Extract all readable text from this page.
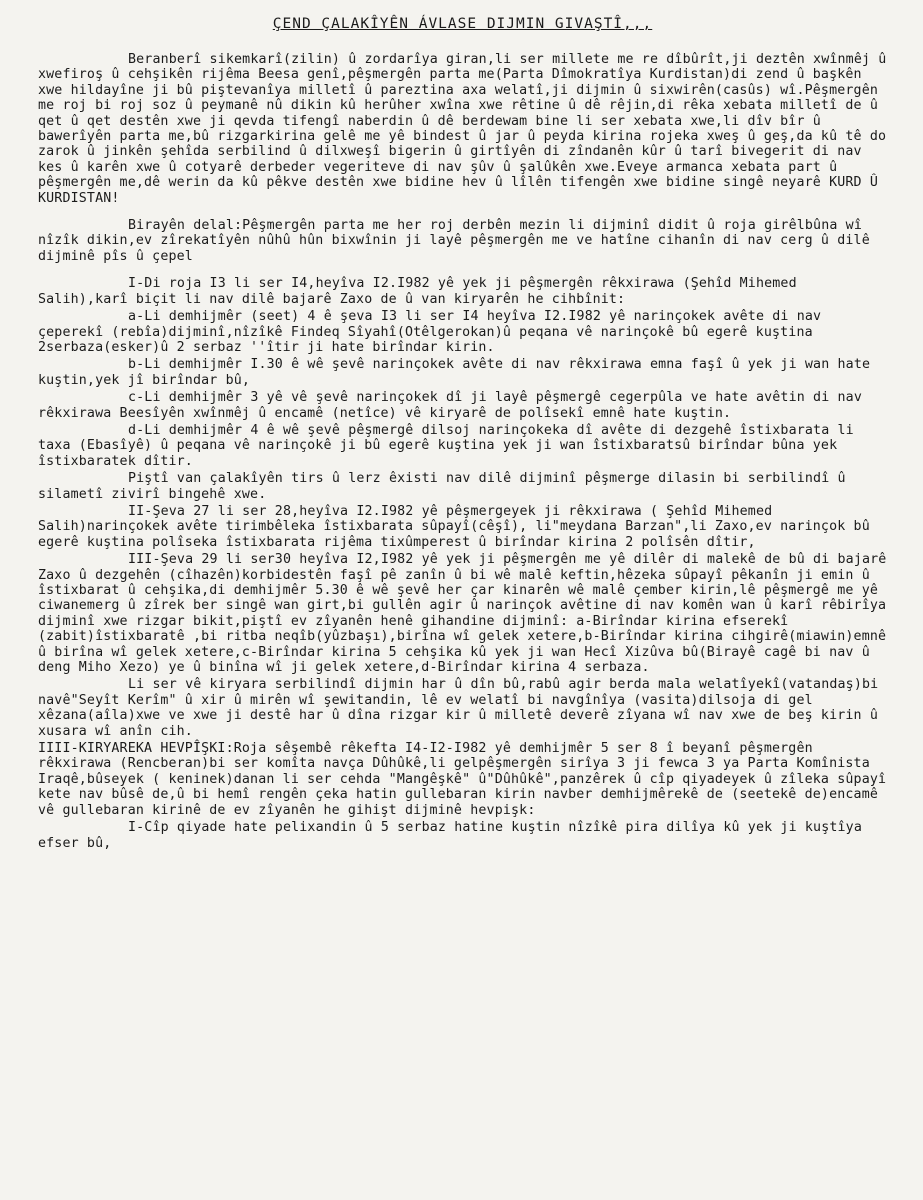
ÇEND ÇALAKÎYÊN ÁVLASE DIJMIN GIVAŞTÎ,,,

Beranberî sikemkarî(zilin) û zordarîya giran,li ser millete me re dîbûrît,ji deztên xwînmêj û xwefiroş û cehşikên rijêma Beesa genî,pêşmergên parta me(Parta Dîmokratîya Kurdistan)di zend û başkên xwe hildayîne ji bû piştevanîya milletî û pareztina axa welatî,ji dijmin û sixwirên(casûs) wî.Pêşmergên me roj bi roj soz û peymanê nû dikin kû herûher xwîna xwe rêtine û dê rêjin,di rêka xebata milletî de û qet û qet destên xwe ji qevda tifengî naberdin û dê berdewam bine li ser xebata xwe,li dîv bîr û bawerîyên parta me,bû rizgarkirina gelê me yê bindest û jar û peyda kirina rojeka xweş û geş,da kû tê do zarok û jinkên şehîda serbilind û dilxweşî bigerin û girtîyên di zîndanên kûr û tarî bivegerit di nav kes û karên xwe û cotyarê derbeder vegeriteve di nav şûv û şalûkên xwe.Eveye armanca xebata part û pêşmergên me,dê werin da kû pêkve destên xwe bidine hev û lîlên tifengên xwe bidine singê neyarê KURD Û KURDISTAN!

Birayên delal:Pêşmergên parta me her roj derbên mezin li dijminî didit û roja girêlbûna wî nîzîk dikin,ev zîrekatîyên nûhû hûn bixwînin ji layê pêşmergên me ve hatîne cihanîn di nav cerg û dilê dijminê pîs û çepel

I-Di roja I3 li ser I4,heyîva I2.I982 yê yek ji pêşmergên rêkxirawa (Şehîd Mihemed Salih),karî biçit li nav dilê bajarê Zaxo de û van kiryarên he cihbînit:

a-Li demhijmêr (seet) 4 ê şeva I3 li ser I4 heyîva I2.I982 yê narinçokek avête di nav çeperekî (rebîa)dijminî,nîzîkê Findeq Sîyahî(Otêlgerokan)û peqana vê narinçokê bû egerê kuştina 2serbaza(esker)û 2 serbaz ''îtir ji hate birîndar kirin.

b-Li demhijmêr I.30 ê wê şevê narinçokek avête di nav rêkxirawa emna faşî û yek ji wan hate kuştin,yek jî birîndar bû,

c-Li demhijmêr 3 yê vê şevê narinçokek dî ji layê pêşmergê cegerpûla ve hate avêtin di nav rêkxirawa Beesîyên xwînmêj û encamê (netîce) vê kiryarê de polîsekî emnê hate kuştin.

d-Li demhijmêr 4 ê wê şevê pêşmergê dilsoj narinçokeka dî avête di dezgehê îstixbarata li taxa (Ebasîyê) û peqana vê narinçokê ji bû egerê kuştina yek ji wan îstixbaratsû birîndar bûna yek îstixbaratek dîtir.

Piştî van çalakîyên tirs û lerz êxisti nav dilê dijminî pêşmerge dilasin bi serbilindî û silametî zivirî bingehê xwe.

II-Şeva 27 li ser 28,heyîva I2.I982 yê pêşmergeyek ji rêkxirawa ( Şehîd Mihemed Salih)narinçokek avête tirimbêleka îstixbarata sûpayî(cêşî), li"meydana Barzan",li Zaxo,ev narinçok bû egerê kuştina polîseka îstixbarata rijêma tixûmperest û birîndar kirina 2 polîsên dîtir,

III-Şeva 29 li ser30 heyîva I2,I982 yê yek ji pêşmergên me yê dilêr di malekê de bû di bajarê Zaxo û dezgehên (cîhazên)korbidestên faşî pê zanîn û bi wê malê keftin,hêzeka sûpayî pêkanîn ji emin û îstixbarat û cehşika,di demhijmêr 5.30 ê wê şevê her çar kinarên wê malê çember kirin,lê pêşmergê me yê ciwanemerg û zîrek ber singê wan girt,bi gullên agir û narinçok avêtine di nav komên wan û karî rêbirîya dijminî xwe rizgar bikit,piştî ev zîyanên henê gihandine dijminî: a-Birîndar kirina efserekî (zabit)îstixbaratê ,bi ritba neqîb(yûzbaşı),birîna wî gelek xetere,b-Birîndar kirina cihgirê(miawin)emnê û birîna wî gelek xetere,c-Birîndar kirina 5 cehşika kû yek ji wan Hecî Xizûva bû(Birayê cagê bi nav û deng Miho Xezo) ye û binîna wî ji gelek xetere,d-Birîndar kirina 4 serbaza.

Li ser vê kiryara serbilindî dijmin har û dîn bû,rabû agir berda mala welatîyekî(vatandaş)bi navê"Seyît Kerîm" û xir û mirên wî şewitandin, lê ev welatî bi navgînîya (vasita)dilsoja di gel xêzana(aîla)xwe ve xwe ji destê har û dîna rizgar kir û milletê deverê zîyana wî nav xwe de beş kirin û xusara wî anîn cih.

IIII-KIRYAREKA HEVPÎŞKI:Roja sêşembê rêkefta I4-I2-I982 yê demhijmêr 5 ser 8 î beyanî pêşmergên rêkxirawa (Rencberan)bi ser komîta navça Dûhûkê,li gelpêşmergên sirîya 3 ji fewca 3 ya Parta Komînista Iraqê,bûseyek ( keninek)danan li ser cehda "Mangêşkê" û"Dûhûkê",panzêrek û cîp qiyadeyek û zîleka sûpayî kete nav bûsê de,û bi hemî rengên çeka hatin gullebaran kirin navber demhijmêrekê de (seetekê de)encamê vê gullebaran kirinê de ev zîyanên he gihişt dijminê hevpişk:

I-Cîp qiyade hate pelixandin û 5 serbaz hatine kuştin nîzîkê pira dilîya kû yek ji kuştîya efser bû,
